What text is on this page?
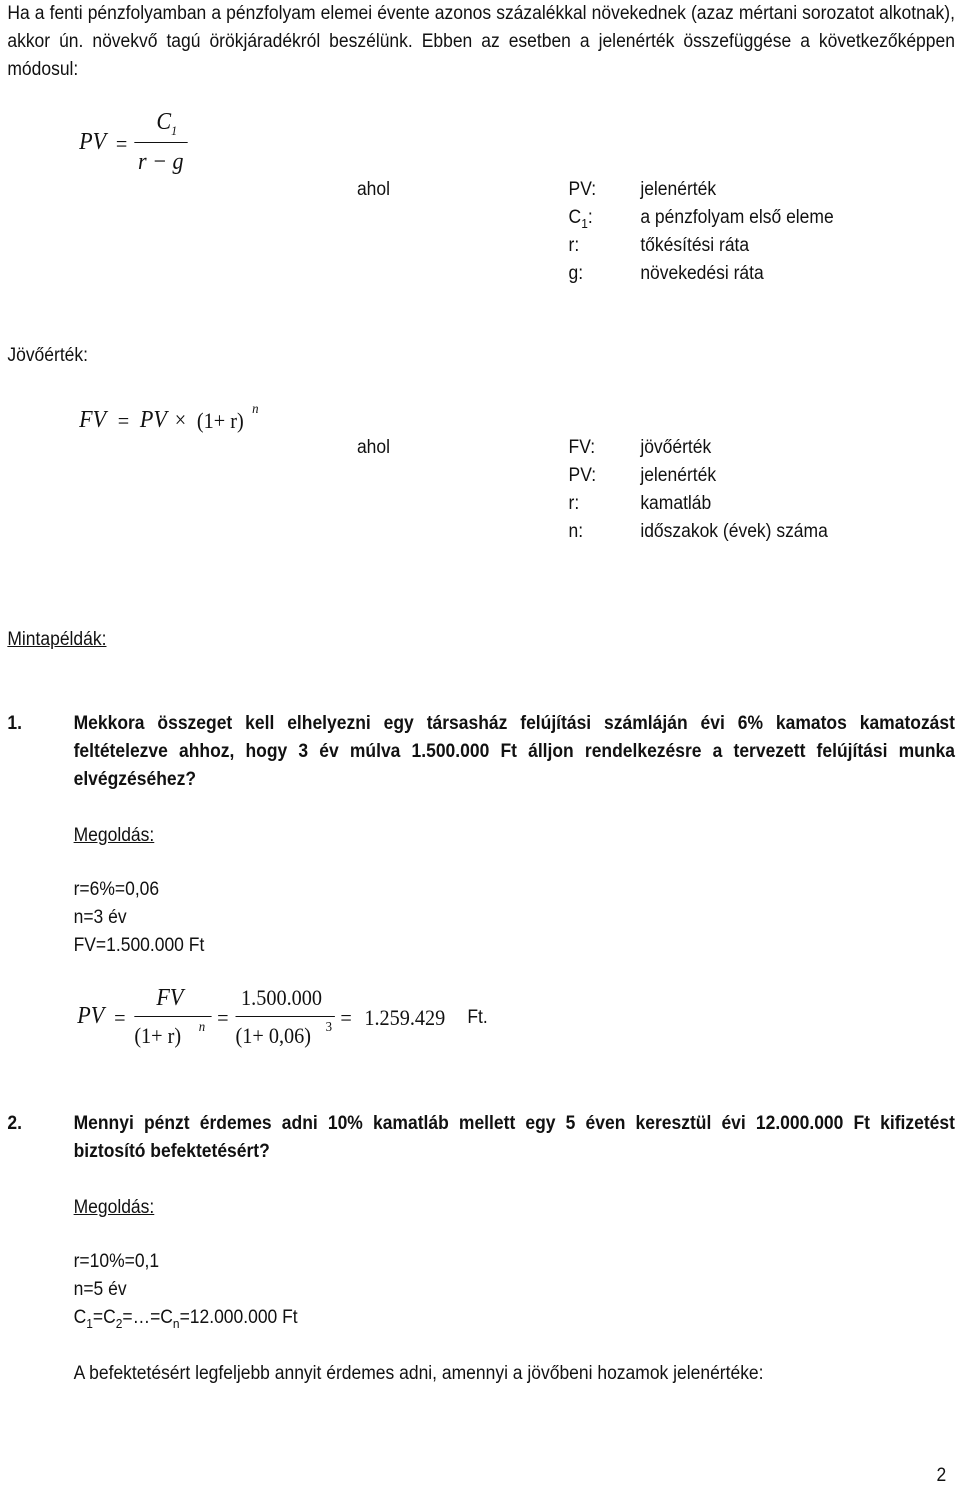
Ha a fenti pénzfolyamban a pénzfolyam elemei évente azonos százalékkal növekednek (azaz mértani sorozatot alkotnak), akkor ún. növekvő tagú örökjáradékról beszélünk. Ebben az esetben a jelenérték összefüggése a következőképpen módosul:
PV =
$C_1$
r − g
ahol	PV: jelenérték
$C_1$:	a pénzfolyam első eleme
r:	tőkésítési ráta
g:	növekedési ráta
Jövőérték:
FV = PV × (1+ r) n
ahol	FV: jövőérték
PV: jelenérték
r:	kamatláb
n:	időszakok (évek) száma
Mintapéldák:
1.	Mekkora összeget kell elhelyezni egy társasház felújítási számláján évi 6% kamatos kamatozást feltételezve ahhoz, hogy 3 év múlva 1.500.000 Ft álljon rendelkezésre a tervezett felújítási munka elvégzéséhez?
Megoldás:
r=6%=0,06
n=3 év
FV=1.500.000 Ft
PV =
FV
(1+ r) n =
1.500.000
(1+ 0,06) 3 = 1.259.429 Ft.
2.	Mennyi pénzt érdemes adni 10% kamatláb mellett egy 5 éven keresztül évi 12.000.000 Ft kifizetést biztosító befektetésért?
Megoldás:
r=10%=0,1
n=5 év
$C_1=C_2=\dots=C_n=12.000.000$ Ft
A befektetésért legfeljebb annyit érdemes adni, amennyi a jövőbeni hozamok jelenértéke:
2
